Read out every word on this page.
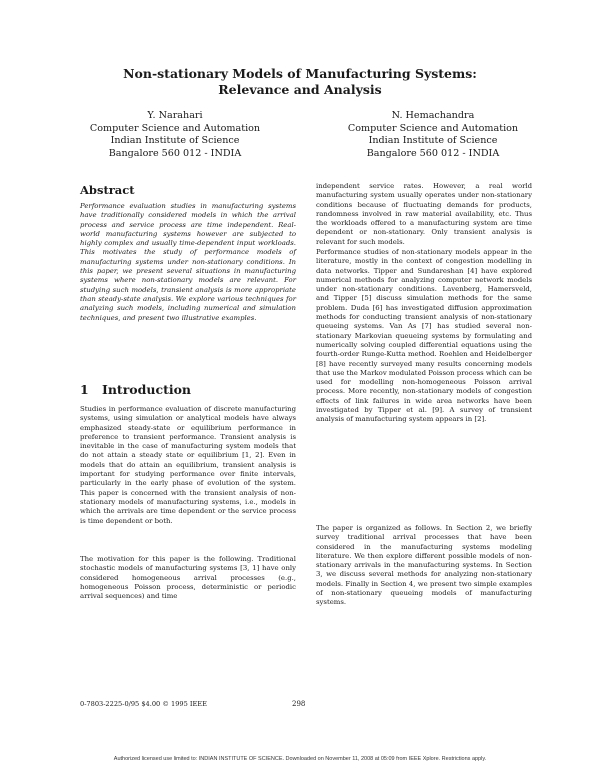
Non-stationary Models of Manufacturing Systems:
Relevance and Analysis
Y. Narahari
Computer Science and Automation
Indian Institute of Science
Bangalore 560 012 - INDIA
N. Hemachandra
Computer Science and Automation
Indian Institute of Science
Bangalore 560 012 - INDIA
Abstract
Performance evaluation studies in manufacturing systems have traditionally considered models in which the arrival process and service process are time independent. Real-world manufacturing systems however are subjected to highly complex and usually time-dependent input workloads. This motivates the study of performance models of manufacturing systems under non-stationary conditions. In this paper, we present several situations in manufacturing systems where non-stationary models are relevant. For studying such models, transient analysis is more appropriate than steady-state analysis. We explore various techniques for analyzing such models, including numerical and simulation techniques, and present two illustrative examples.
1 Introduction
Studies in performance evaluation of discrete manufacturing systems, using simulation or analytical models have always emphasized steady-state or equilibrium performance in preference to transient performance. Transient analysis is inevitable in the case of manufacturing system models that do not attain a steady state or equilibrium [1, 2]. Even in models that do attain an equilibrium, transient analysis is important for studying performance over finite intervals, particularly in the early phase of evolution of the system. This paper is concerned with the transient analysis of non-stationary models of manufacturing systems, i.e., models in which the arrivals are time dependent or the service process is time dependent or both.
The motivation for this paper is the following. Traditional stochastic models of manufacturing systems [3, 1] have only considered homogeneous arrival processes (e.g., homogeneous Poisson process, deterministic or periodic arrival sequences) and time
independent service rates. However, a real world manufacturing system usually operates under non-stationary conditions because of fluctuating demands for products, randomness involved in raw material availability, etc. Thus the workloads offered to a manufacturing system are time dependent or non-stationary. Only transient analysis is relevant for such models.
Performance studies of non-stationary models appear in the literature, mostly in the context of congestion modelling in data networks. Tipper and Sundareshan [4] have explored numerical methods for analyzing computer network models under non-stationary conditions. Lavenberg, Hamersveld, and Tipper [5] discuss simulation methods for the same problem. Duda [6] has investigated diffusion approximation methods for conducting transient analysis of non-stationary queueing systems. Van As [7] has studied several non-stationary Markovian queueing systems by formulating and numerically solving coupled differential equations using the fourth-order Runge-Kutta method. Roehlen and Heidelberger [8] have recently surveyed many results concerning models that use the Markov modulated Poisson process which can be used for modelling non-homogeneous Poisson arrival process. More recently, non-stationary models of congestion effects of link failures in wide area networks have been investigated by Tipper et al. [9]. A survey of transient analysis of manufacturing system appears in [2].
The paper is organized as follows. In Section 2, we briefly survey traditional arrival processes that have been considered in the manufacturing systems modeling literature. We then explore different possible models of non-stationary arrivals in the manufacturing systems. In Section 3, we discuss several methods for analyzing non-stationary models. Finally in Section 4, we present two simple examples of non-stationary queueing models of manufacturing systems.
0-7803-2225-0/95 $4.00 © 1995 IEEE	298
Authorized licensed use limited to: INDIAN INSTITUTE OF SCIENCE. Downloaded on November 11, 2008 at 05:09 from IEEE Xplore. Restrictions apply.
